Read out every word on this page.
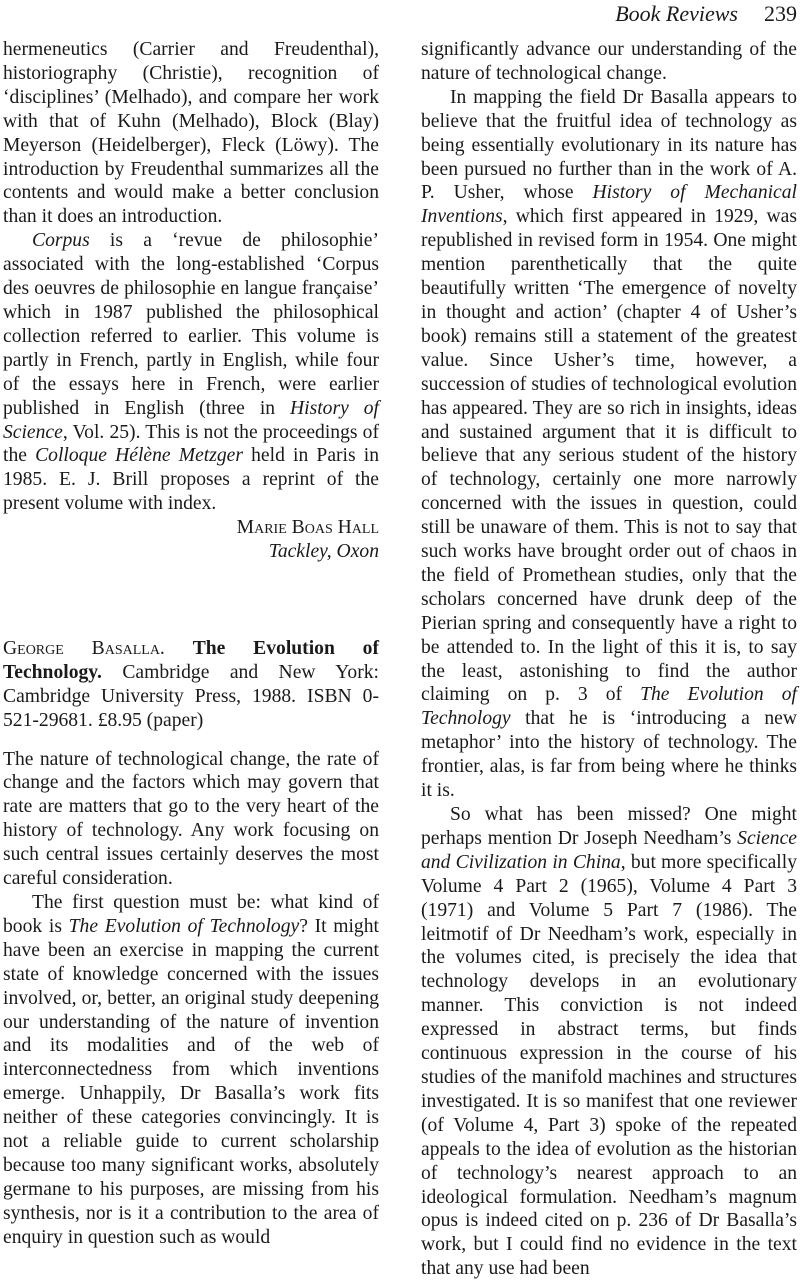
Book Reviews 239

hermeneutics (Carrier and Freudenthal), historiography (Christie), recognition of ‘disciplines’ (Melhado), and compare her work with that of Kuhn (Melhado), Block (Blay) Meyerson (Heidelberger), Fleck (Löwy). The introduction by Freudenthal summarizes all the contents and would make a better conclusion than it does an introduction.

Corpus is a ‘revue de philosophie’ associated with the long-established ‘Corpus des oeuvres de philosophie en langue française’ which in 1987 published the philosophical collection referred to earlier. This volume is partly in French, partly in English, while four of the essays here in French, were earlier published in English (three in History of Science, Vol. 25). This is not the proceedings of the Colloque Hélène Metzger held in Paris in 1985. E. J. Brill proposes a reprint of the present volume with index.

Marie Boas Hall

Tackley, Oxon

George Basalla. The Evolution of Technology. Cambridge and New York: Cambridge University Press, 1988. ISBN 0-521-29681. £8.95 (paper)

The nature of technological change, the rate of change and the factors which may govern that rate are matters that go to the very heart of the history of technology. Any work focusing on such central issues certainly deserves the most careful consideration.

The first question must be: what kind of book is The Evolution of Technology? It might have been an exercise in mapping the current state of knowledge concerned with the issues involved, or, better, an original study deepening our understanding of the nature of invention and its modalities and of the web of interconnectedness from which inventions emerge. Unhappily, Dr Basalla’s work fits neither of these categories convincingly. It is not a reliable guide to current scholarship because too many significant works, absolutely germane to his purposes, are missing from his synthesis, nor is it a contribution to the area of enquiry in question such as would

significantly advance our understanding of the nature of technological change.

In mapping the field Dr Basalla appears to believe that the fruitful idea of technology as being essentially evolutionary in its nature has been pursued no further than in the work of A. P. Usher, whose History of Mechanical Inventions, which first appeared in 1929, was republished in revised form in 1954. One might mention parenthetically that the quite beautifully written ‘The emergence of novelty in thought and action’ (chapter 4 of Usher’s book) remains still a statement of the greatest value. Since Usher’s time, however, a succession of studies of technological evolution has appeared. They are so rich in insights, ideas and sustained argument that it is difficult to believe that any serious student of the history of technology, certainly one more narrowly concerned with the issues in question, could still be unaware of them. This is not to say that such works have brought order out of chaos in the field of Promethean studies, only that the scholars concerned have drunk deep of the Pierian spring and consequently have a right to be attended to. In the light of this it is, to say the least, astonishing to find the author claiming on p. 3 of The Evolution of Technology that he is ‘introducing a new metaphor’ into the history of technology. The frontier, alas, is far from being where he thinks it is.

So what has been missed? One might perhaps mention Dr Joseph Needham’s Science and Civilization in China, but more specifically Volume 4 Part 2 (1965), Volume 4 Part 3 (1971) and Volume 5 Part 7 (1986). The leitmotif of Dr Needham’s work, especially in the volumes cited, is precisely the idea that technology develops in an evolutionary manner. This conviction is not indeed expressed in abstract terms, but finds continuous expression in the course of his studies of the manifold machines and structures investigated. It is so manifest that one reviewer (of Volume 4, Part 3) spoke of the repeated appeals to the idea of evolution as the historian of technology’s nearest approach to an ideological formulation. Needham’s magnum opus is indeed cited on p. 236 of Dr Basalla’s work, but I could find no evidence in the text that any use had been
